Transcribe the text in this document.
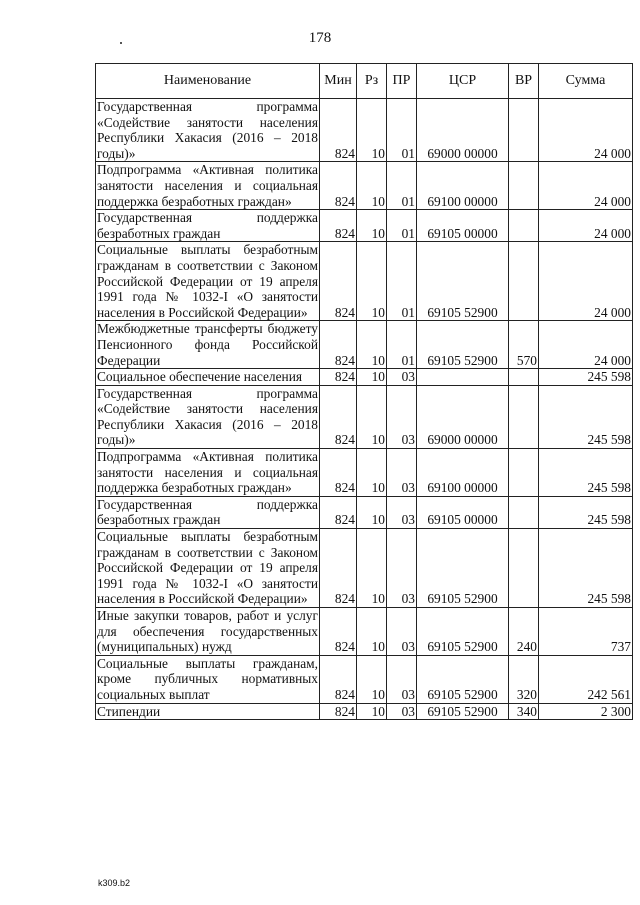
178
Наименование	Мин	Рз	ПР	ЦСР	ВР	Сумма
Государственная программа «Содействие занятости населения Республики Хакасия (2016 – 2018 годы)»	824	10	01	69000 00000		24 000
Подпрограмма «Активная политика занятости населения и социальная поддержка безработных граждан»	824	10	01	69100 00000		24 000
Государственная поддержка безработных граждан	824	10	01	69105 00000		24 000
Социальные выплаты безработным гражданам в соответствии с Законом Российской Федерации от 19 апреля 1991 года № 1032-I «О занятости населения в Российской Федерации»	824	10	01	69105 52900		24 000
Межбюджетные трансферты бюджету Пенсионного фонда Российской Федерации	824	10	01	69105 52900	570	24 000
Социальное обеспечение населения	824	10	03			245 598
Государственная программа «Содействие занятости населения Республики Хакасия (2016 – 2018 годы)»	824	10	03	69000 00000		245 598
Подпрограмма «Активная политика занятости населения и социальная поддержка безработных граждан»	824	10	03	69100 00000		245 598
Государственная поддержка безработных граждан	824	10	03	69105 00000		245 598
Социальные выплаты безработным гражданам в соответствии с Законом Российской Федерации от 19 апреля 1991 года № 1032-I «О занятости населения в Российской Федерации»	824	10	03	69105 52900		245 598
Иные закупки товаров, работ и услуг для обеспечения государственных (муниципальных) нужд	824	10	03	69105 52900	240	737
Социальные выплаты гражданам, кроме публичных нормативных социальных выплат	824	10	03	69105 52900	320	242 561
Стипендии	824	10	03	69105 52900	340	2 300
k309.b2
